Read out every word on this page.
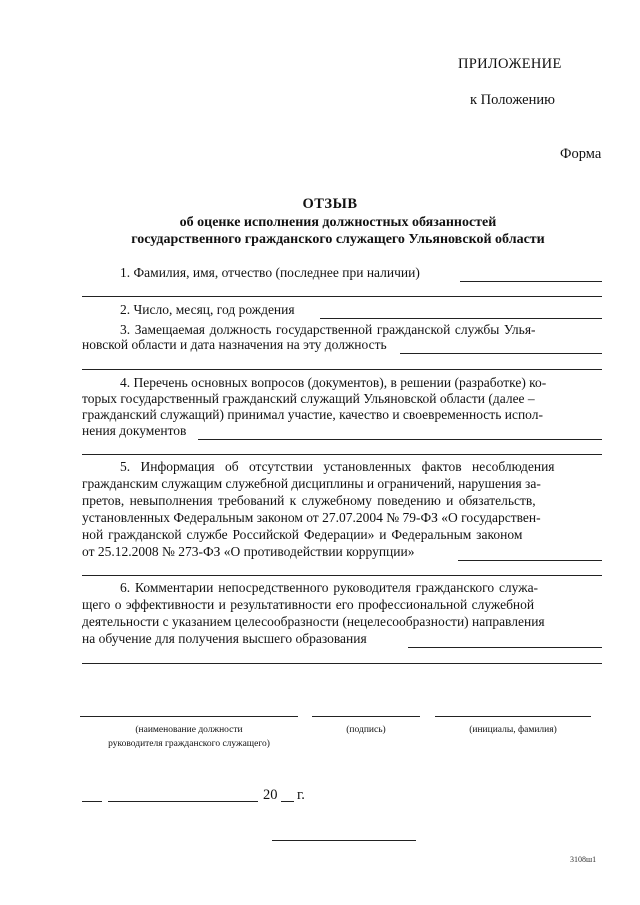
ПРИЛОЖЕНИЕ
к Положению
Форма
ОТЗЫВ
об оценке исполнения должностных обязанностей
государственного гражданского служащего Ульяновской области
1. Фамилия, имя, отчество (последнее при наличии)
2. Число, месяц, год рождения
3. Замещаемая должность государственной гражданской службы Улья-
новской области и дата назначения на эту должность
4. Перечень основных вопросов (документов), в решении (разработке) ко-
торых государственный гражданский служащий Ульяновской области (далее –
гражданский служащий) принимал участие, качество и своевременность испол-
нения документов
5. Информация об отсутствии установленных фактов несоблюдения
гражданским служащим служебной дисциплины и ограничений, нарушения за-
претов, невыполнения требований к служебному поведению и обязательств,
установленных Федеральным законом от 27.07.2004 № 79-ФЗ «О государствен-
ной гражданской службе Российской Федерации» и Федеральным законом
от 25.12.2008 № 273-ФЗ «О противодействии коррупции»
6. Комментарии непосредственного руководителя гражданского служа-
щего о эффективности и результативности его профессиональной служебной
деятельности с указанием целесообразности (нецелесообразности) направления
на обучение для получения высшего образования
(наименование должности
руководителя гражданского служащего)
(подпись)	(инициалы, фамилия)
20 г.
3108ш1
